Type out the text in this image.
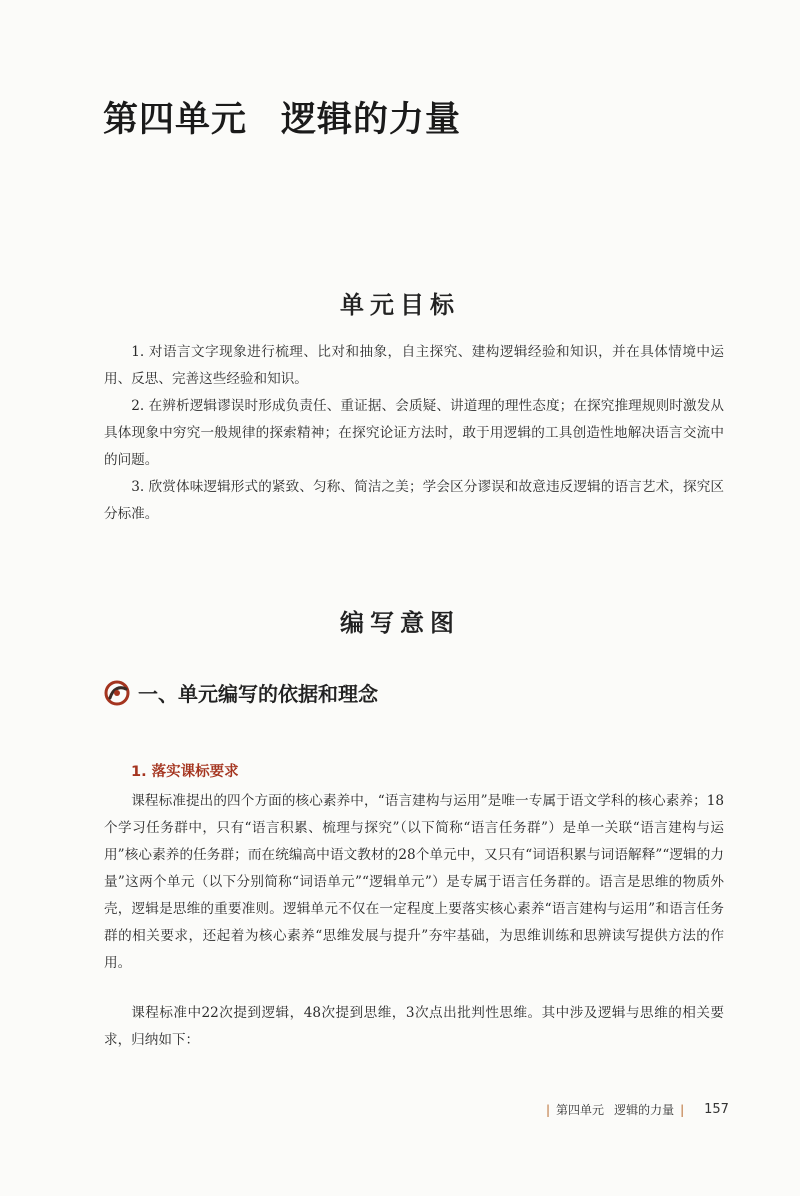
第四单元 逻辑的力量
单元目标

1. 对语言文字现象进行梳理、比对和抽象，自主探究、建构逻辑经验和知识，并在具体情境中运用、反思、完善这些经验和知识。

2. 在辨析逻辑谬误时形成负责任、重证据、会质疑、讲道理的理性态度；在探究推理规则时激发从具体现象中穷究一般规律的探索精神；在探究论证方法时，敢于用逻辑的工具创造性地解决语言交流中的问题。

3. 欣赏体味逻辑形式的紧致、匀称、简洁之美；学会区分谬误和故意违反逻辑的语言艺术，探究区分标准。

编写意图
一、单元编写的依据和理念
1. 落实课标要求

课程标准提出的四个方面的核心素养中，“语言建构与运用”是唯一专属于语文学科的核心素养；18个学习任务群中，只有“语言积累、梳理与探究”（以下简称“语言任务群”）是单一关联“语言建构与运用”核心素养的任务群；而在统编高中语文教材的28个单元中，又只有“词语积累与词语解释”“逻辑的力量”这两个单元（以下分别简称“词语单元”“逻辑单元”）是专属于语言任务群的。语言是思维的物质外壳，逻辑是思维的重要准则。逻辑单元不仅在一定程度上要落实核心素养“语言建构与运用”和语言任务群的相关要求，还起着为核心素养“思维发展与提升”夯牢基础，为思维训练和思辨读写提供方法的作用。

课程标准中22次提到逻辑，48次提到思维，3次点出批判性思维。其中涉及逻辑与思维的相关要求，归纳如下：

| 第四单元 逻辑的力量 | 157
